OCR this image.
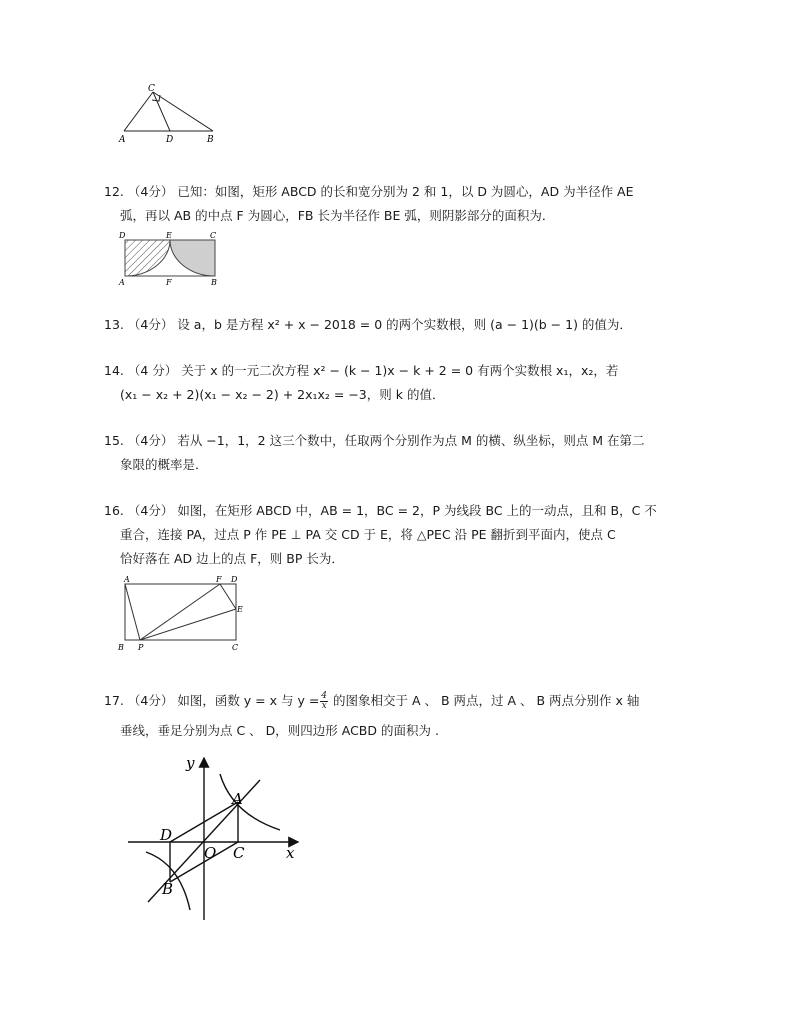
C
A	D	B
12. （4分） 已知：如图，矩形 ABCD 的长和宽分别为 2 和 1，以 D 为圆心，AD 为半径作 AE
弧，再以 AB 的中点 F 为圆心，FB 长为半径作 BE 弧，则阴影部分的面积为．
D	E	C
A	F	B
13. （4分） 设 a，b 是方程 x² + x − 2018 = 0 的两个实数根，则 (a − 1)(b − 1) 的值为．
14. （4 分） 关于 x 的一元二次方程 x² − (k − 1)x − k + 2 = 0 有两个实数根 x₁，x₂，若
(x₁ − x₂ + 2)(x₁ − x₂ − 2) + 2x₁x₂ = −3，则 k 的值．
15. （4分） 若从 −1，1，2 这三个数中，任取两个分别作为点 M 的横、纵坐标，则点 M 在第二
象限的概率是．
16. （4分） 如图，在矩形 ABCD 中，AB = 1，BC = 2，P 为线段 BC 上的一动点，且和 B，C 不
重合，连接 PA，过点 P 作 PE ⊥ PA 交 CD 于 E，将 △PEC 沿 PE 翻折到平面内，使点 C
恰好落在 AD 边上的点 F，则 BP 长为．
A	F D
E
B P	C
17. （4分） 如图，函数 y = x 与 $y = \frac{4}{x}$ 的图象相交于 A 、 B 两点，过 A 、 B 两点分别作 x 轴
垂线，垂足分别为点 C 、 D，则四边形 ACBD 的面积为 .
y
x
A
D
O C
B
